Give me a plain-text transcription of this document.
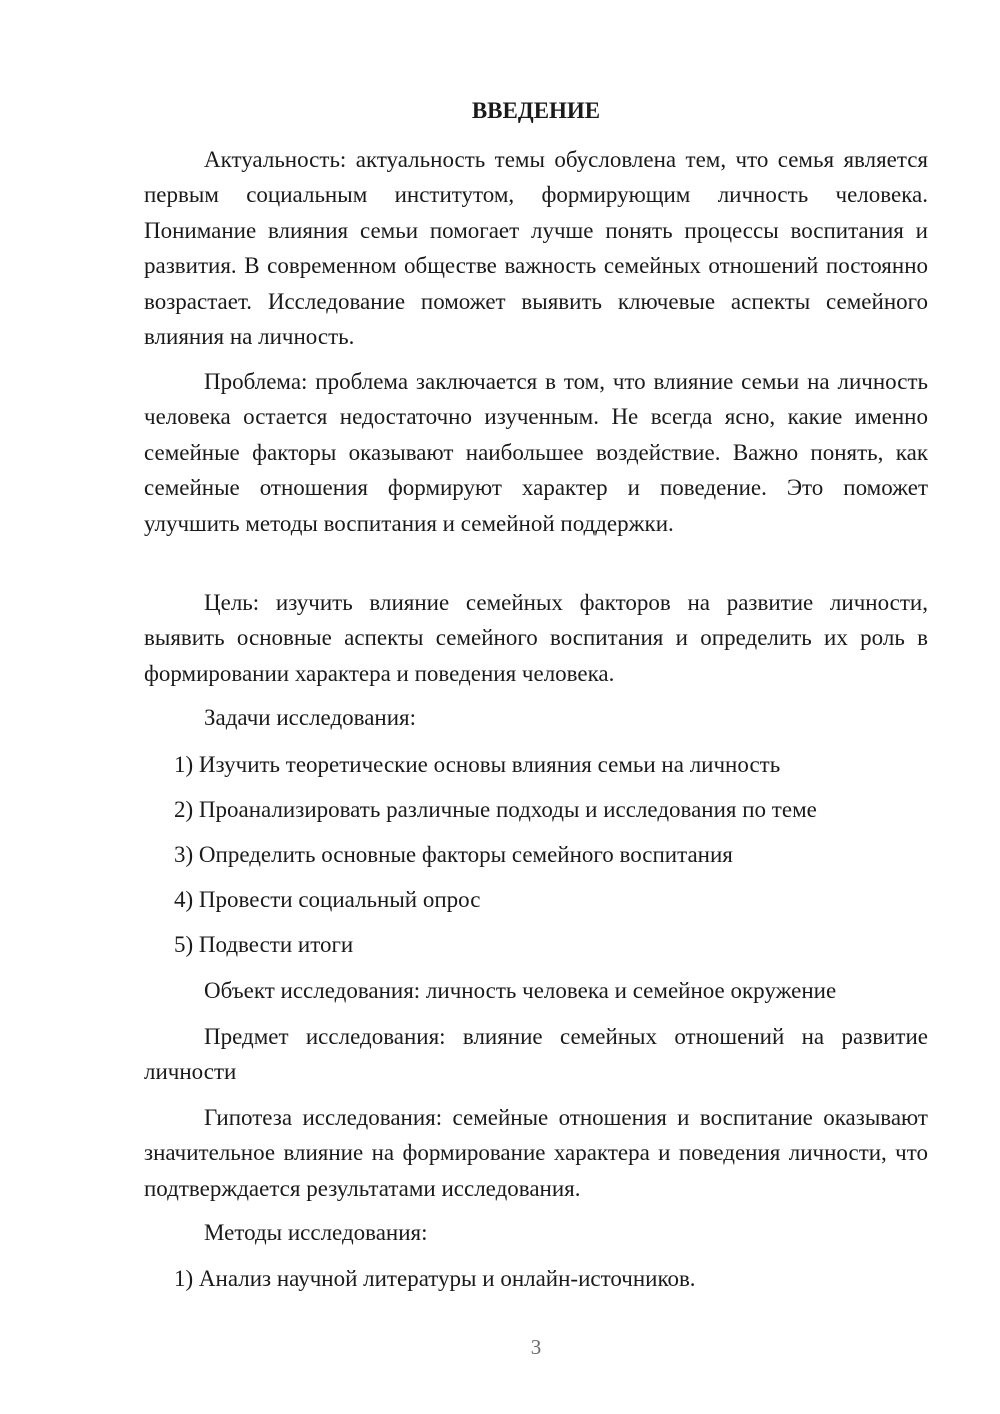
ВВЕДЕНИЕ

Актуальность: актуальность темы обусловлена тем, что семья является первым социальным институтом, формирующим личность человека. Понимание влияния семьи помогает лучше понять процессы воспитания и развития. В современном обществе важность семейных отношений постоянно возрастает. Исследование поможет выявить ключевые аспекты семейного влияния на личность.

Проблема: проблема заключается в том, что влияние семьи на личность человека остается недостаточно изученным. Не всегда ясно, какие именно семейные факторы оказывают наибольшее воздействие. Важно понять, как семейные отношения формируют характер и поведение. Это поможет улучшить методы воспитания и семейной поддержки.

Цель: изучить влияние семейных факторов на развитие личности, выявить основные аспекты семейного воспитания и определить их роль в формировании характера и поведения человека.

Задачи исследования:

1) Изучить теоретические основы влияния семьи на личность

2) Проанализировать различные подходы и исследования по теме

3) Определить основные факторы семейного воспитания

4) Провести социальный опрос

5) Подвести итоги

Объект исследования: личность человека и семейное окружение

Предмет исследования: влияние семейных отношений на развитие личности

Гипотеза исследования: семейные отношения и воспитание оказывают значительное влияние на формирование характера и поведения личности, что подтверждается результатами исследования.

Методы исследования:

1) Анализ научной литературы и онлайн-источников.

3
